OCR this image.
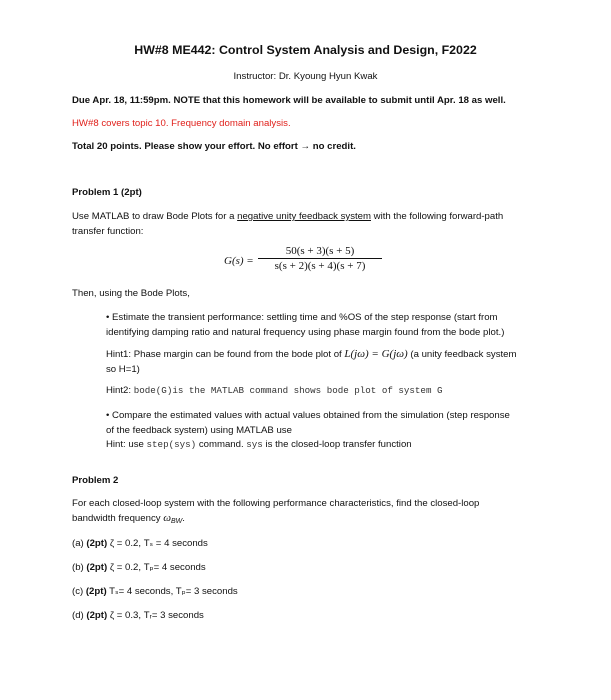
HW#8 ME442: Control System Analysis and Design, F2022
Instructor: Dr. Kyoung Hyun Kwak
Due Apr. 18, 11:59pm. NOTE that this homework will be available to submit until Apr. 18 as well.
HW#8 covers topic 10. Frequency domain analysis.
Total 20 points. Please show your effort. No effort → no credit.
Problem 1 (2pt)
Use MATLAB to draw Bode Plots for a negative unity feedback system with the following forward-path
transfer function:
G(s) =
50(s + 3)(s + 5)
s(s + 2)(s + 4)(s + 7)
Then, using the Bode Plots,
• Estimate the transient performance: settling time and %OS of the step response (start from
identifying damping ratio and natural frequency using phase margin found from the bode plot.)
Hint1: Phase margin can be found from the bode plot of L(jω) = G(jω) (a unity feedback system
so H=1)
Hint2: bode(G)is the MATLAB command shows bode plot of system G
• Compare the estimated values with actual values obtained from the simulation (step response
of the feedback system) using MATLAB use
Hint: use step(sys) command. sys is the closed-loop transfer function
Problem 2
For each closed-loop system with the following performance characteristics, find the closed-loop
bandwidth frequency $\omega_{BW}$.
(a) (2pt) ζ = 0.2, Tₛ = 4 seconds
(b) (2pt) ζ = 0.2, Tₚ= 4 seconds
(c) (2pt) Tₛ= 4 seconds, Tₚ= 3 seconds
(d) (2pt) ζ = 0.3, Tᵣ= 3 seconds
